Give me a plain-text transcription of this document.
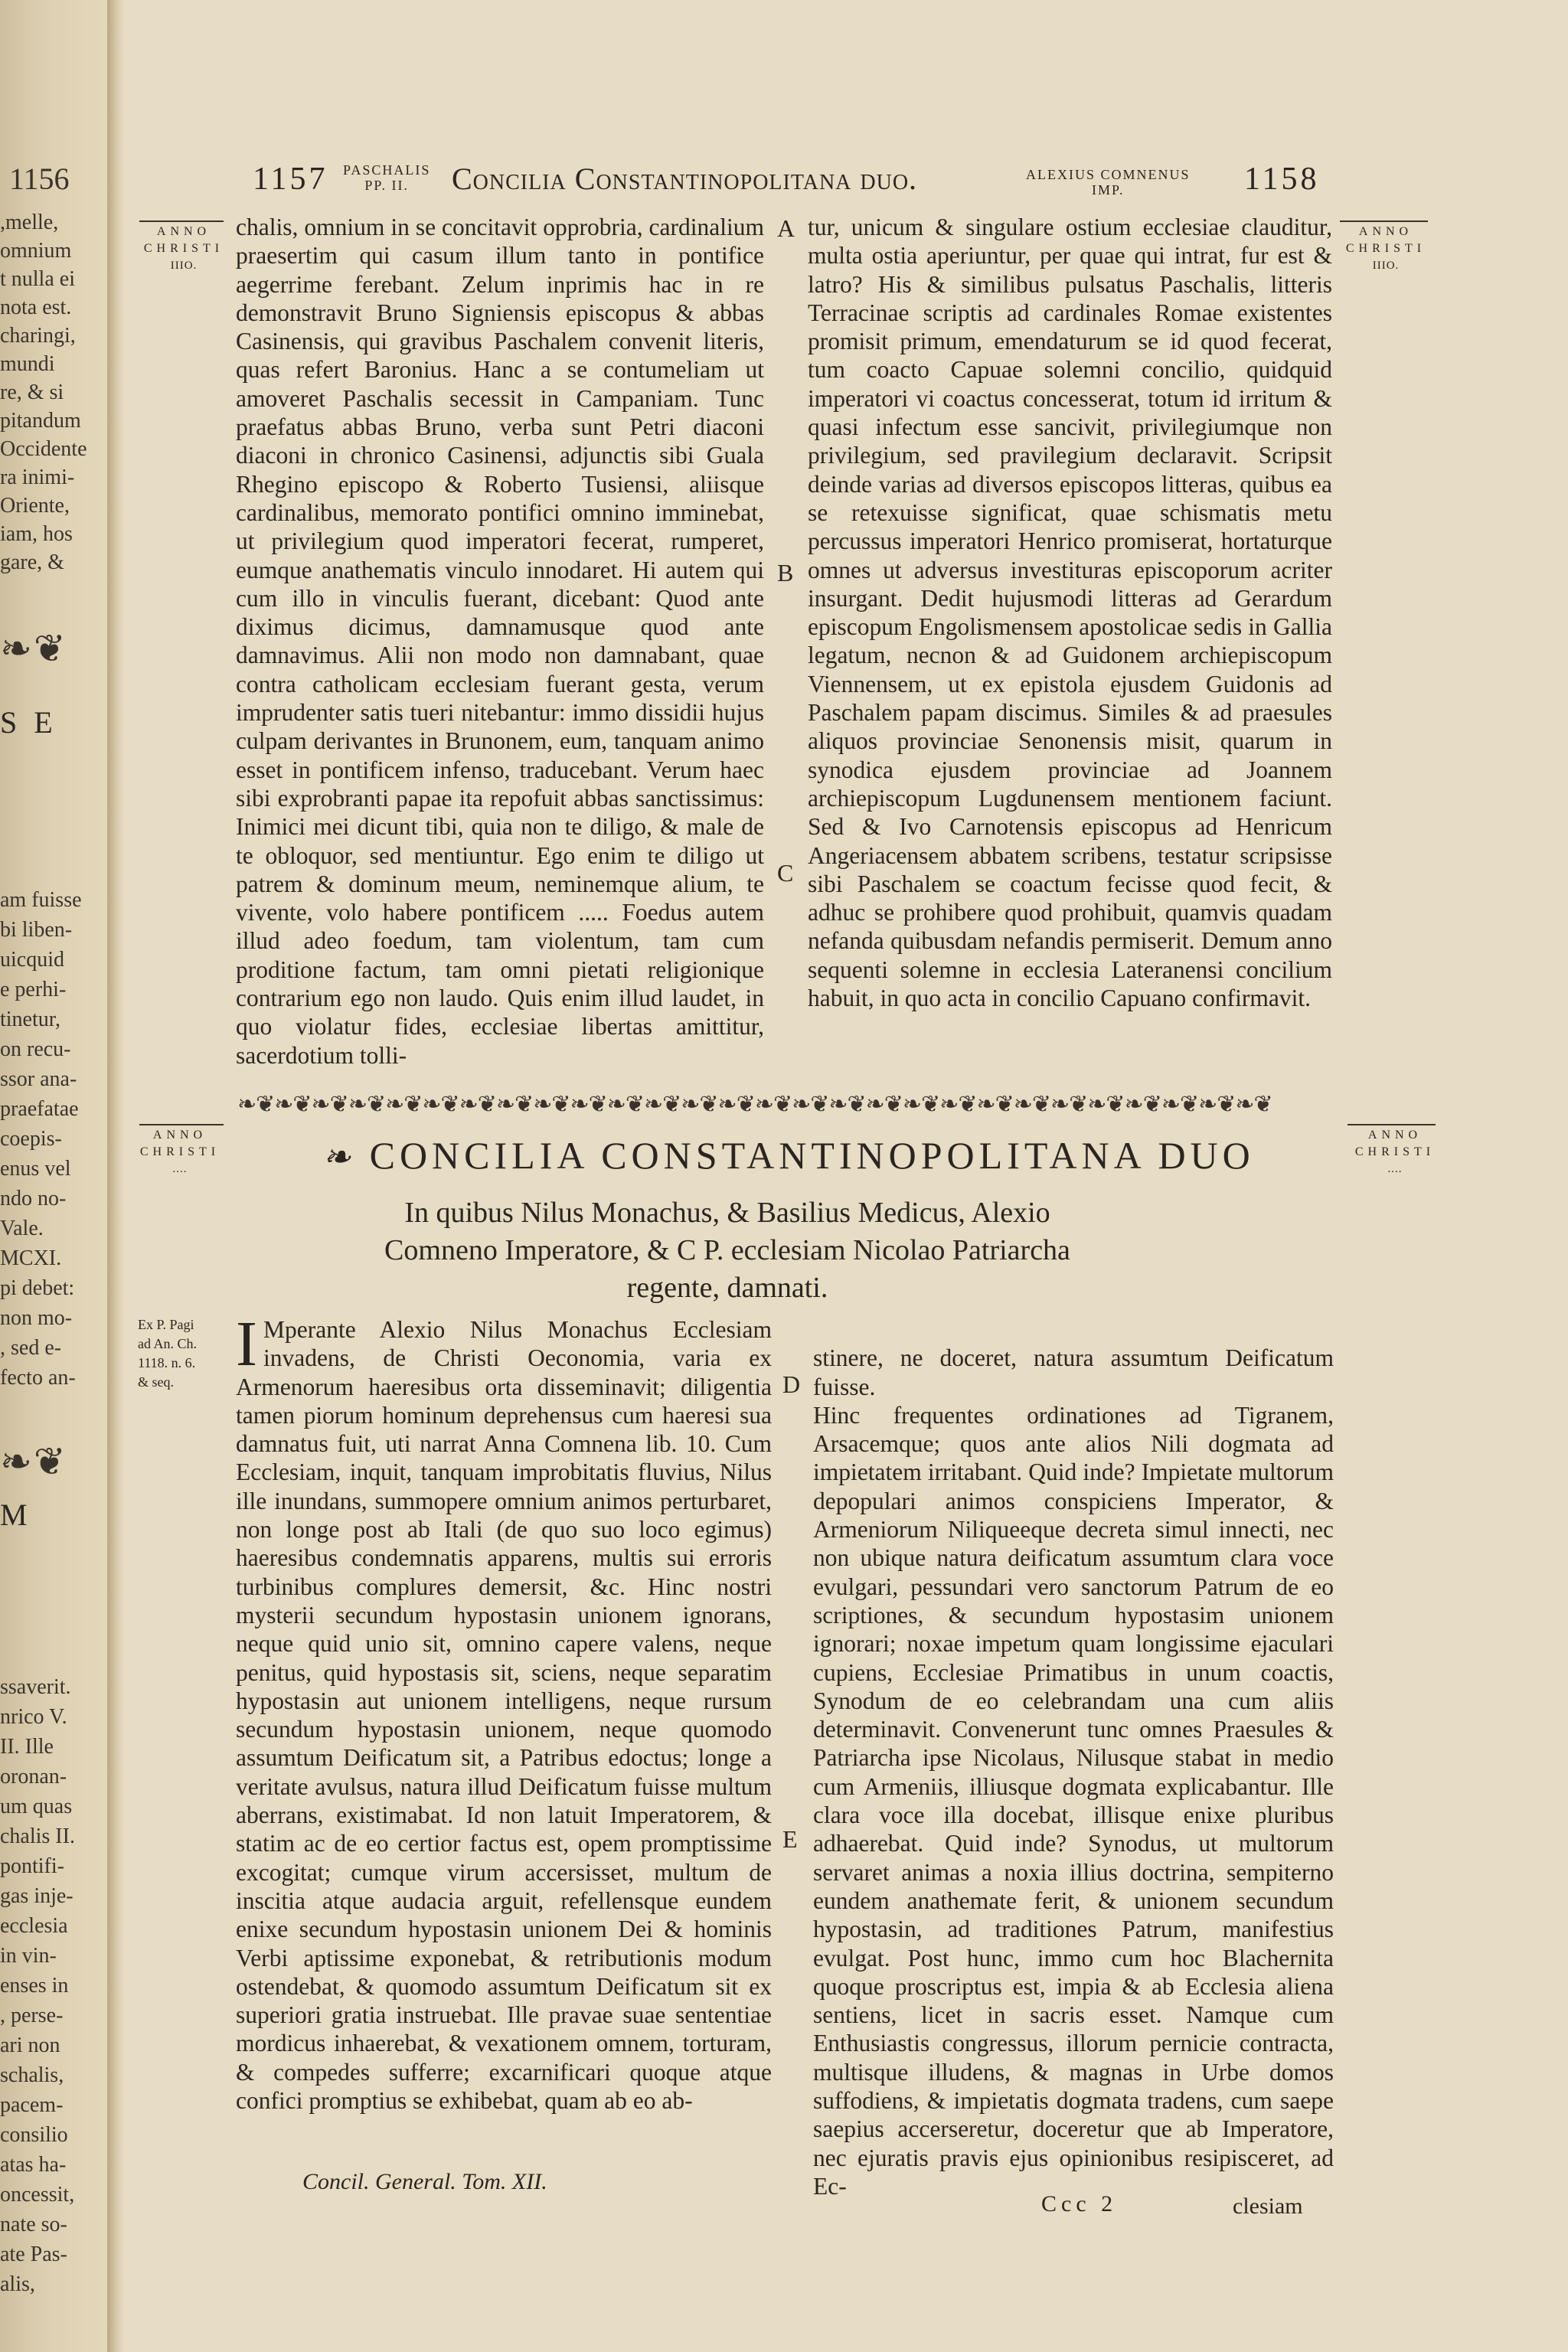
1156
,melle,
omnium
t nulla ei
nota est.
charingi,
mundi
re, & si
pitandum
Occidente
ra inimi-
Oriente,
iam, hos
gare, &
❧❦
S E
am fuisse
bi liben-
uicquid
e perhi-
tinetur,
on recu-
ssor ana-
praefatae
coepis-
enus vel
ndo no-
Vale.
MCXI.
pi debet:
non mo-
, sed e-
fecto an-
❧❦
M
ssaverit.
nrico V.
II. Ille
oronan-
um quas
chalis II.
pontifi-
gas inje-
ecclesia
in vin-
enses in
, perse-
ari non
schalis,
pacem-
consilio
atas ha-
oncessit,
nate so-
ate Pas-
alis,
1157 PASCHALIS
PP. II.	Concilia Constantinopolitana duo.	ALEXIUS COMNENUS
IMP.	1158
ANNO CHRISTI
IIIO.
ANNO CHRISTI
IIIO.

chalis, omnium in se concitavit opprobria, cardinalium praesertim qui casum illum tanto in pontifice aegerrime ferebant. Zelum inprimis hac in re demonstravit Bruno Signiensis episcopus & abbas Casinensis, qui gravibus Paschalem convenit literis, quas refert Baronius. Hanc a se contumeliam ut amoveret Paschalis secessit in Campaniam. Tunc praefatus abbas Bruno, verba sunt Petri diaconi diaconi in chronico Casinensi, adjunctis sibi Guala Rhegino episcopo & Roberto Tusiensi, aliisque cardinalibus, memorato pontifici omnino imminebat, ut privilegium quod imperatori fecerat, rumperet, eumque anathematis vinculo innodaret. Hi autem qui cum illo in vinculis fuerant, dicebant: Quod ante diximus dicimus, damnamusque quod ante damnavimus. Alii non modo non damnabant, quae contra catholicam ecclesiam fuerant gesta, verum imprudenter satis tueri nitebantur: immo dissidii hujus culpam derivantes in Brunonem, eum, tanquam animo esset in pontificem infenso, traducebant. Verum haec sibi exprobranti papae ita repofuit abbas sanctissimus: Inimici mei dicunt tibi, quia non te diligo, & male de te obloquor, sed mentiuntur. Ego enim te diligo ut patrem & dominum meum, neminemque alium, te vivente, volo habere pontificem ..... Foedus autem illud adeo foedum, tam violentum, tam cum proditione factum, tam omni pietati religionique contrarium ego non laudo. Quis enim illud laudet, in quo violatur fides, ecclesiae libertas amittitur, sacerdotium tolli-

tur, unicum & singulare ostium ecclesiae clauditur, multa ostia aperiuntur, per quae qui intrat, fur est & latro? His & similibus pulsatus Paschalis, litteris Terracinae scriptis ad cardinales Romae existentes promisit primum, emendaturum se id quod fecerat, tum coacto Capuae solemni concilio, quidquid imperatori vi coactus concesserat, totum id irritum & quasi infectum esse sancivit, privilegiumque non privilegium, sed pravilegium declaravit. Scripsit deinde varias ad diversos episcopos litteras, quibus ea se retexuisse significat, quae schismatis metu percussus imperatori Henrico promiserat, hortaturque omnes ut adversus investituras episcoporum acriter insurgant. Dedit hujusmodi litteras ad Gerardum episcopum Engolismensem apostolicae sedis in Gallia legatum, necnon & ad Guidonem archiepiscopum Viennensem, ut ex epistola ejusdem Guidonis ad Paschalem papam discimus. Similes & ad praesules aliquos provinciae Senonensis misit, quarum in synodica ejusdem provinciae ad Joannem archiepiscopum Lugdunensem mentionem faciunt. Sed & Ivo Carnotensis episcopus ad Henricum Angeriacensem abbatem scribens, testatur scripsisse sibi Paschalem se coactum fecisse quod fecit, & adhuc se prohibere quod prohibuit, quamvis quadam nefanda quibusdam nefandis permiserit. Demum anno sequenti solemne in ecclesia Lateranensi concilium habuit, in quo acta in concilio Capuano confirmavit.

A
B
C
❧❦❧❦❧❦❧❦❧❦❧❦❧❦❧❦❧❦❧❦❧❦❧❦❧❦❧❦❧❦❧❦❧❦❧❦❧❦❧❦❧❦❧❦❧❦❧❦❧❦❧❦❧❦❧❦
ANNO CHRISTI
....
ANNO CHRISTI
....
❧ CONCILIA CONSTANTINOPOLITANA DUO
In quibus Nilus Monachus, & Basilius Medicus, Alexio Comneno Imperatore, & C P. ecclesiam Nicolao Patriarcha regente, damnati.
Ex P. Pagi
ad An. Ch.
1118. n. 6.
& seq.
I Mperante Alexio Nilus Monachus Ecclesiam invadens, de Christi Oeconomia, varia ex Armenorum haeresibus orta disseminavit; diligentia tamen piorum hominum deprehensus cum haeresi sua damnatus fuit, uti narrat Anna Comnena lib. 10. Cum Ecclesiam, inquit, tanquam improbitatis fluvius, Nilus ille inundans, summopere omnium animos perturbaret, non longe post ab Itali (de quo suo loco egimus) haeresibus condemnatis apparens, multis sui erroris turbinibus complures demersit, &c. Hinc nostri mysterii secundum hypostasin unionem ignorans, neque quid unio sit, omnino capere valens, neque penitus, quid hypostasis sit, sciens, neque separatim hypostasin aut unionem intelligens, neque rursum secundum hypostasin unionem, neque quomodo assumtum Deificatum sit, a Patribus edoctus; longe a veritate avulsus, natura illud Deificatum fuisse multum aberrans, existimabat. Id non latuit Imperatorem, & statim ac de eo certior factus est, opem promptissime excogitat; cumque virum accersisset, multum de inscitia atque audacia arguit, refellensque eundem enixe secundum hypostasin unionem Dei & hominis Verbi aptissime exponebat, & retributionis modum ostendebat, & quomodo assumtum Deificatum sit ex superiori gratia instruebat. Ille pravae suae sententiae mordicus inhaerebat, & vexationem omnem, torturam, & compedes sufferre; excarnificari quoque atque confici promptius se exhibebat, quam ab eo ab-

stinere, ne doceret, natura assumtum Deificatum fuisse.
Hinc frequentes ordinationes ad Tigranem, Arsacemque; quos ante alios Nili dogmata ad impietatem irritabant. Quid inde? Impietate multorum depopulari animos conspiciens Imperator, & Armeniorum Niliqueeque decreta simul innecti, nec non ubique natura deificatum assumtum clara voce evulgari, pessundari vero sanctorum Patrum de eo scriptiones, & secundum hypostasim unionem ignorari; noxae impetum quam longissime ejaculari cupiens, Ecclesiae Primatibus in unum coactis, Synodum de eo celebrandam una cum aliis determinavit. Convenerunt tunc omnes Praesules & Patriarcha ipse Nicolaus, Nilusque stabat in medio cum Armeniis, illiusque dogmata explicabantur. Ille clara voce illa docebat, illisque enixe pluribus adhaerebat. Quid inde? Synodus, ut multorum servaret animas a noxia illius doctrina, sempiterno eundem anathemate ferit, & unionem secundum hypostasin, ad traditiones Patrum, manifestius evulgat. Post hunc, immo cum hoc Blachernita quoque proscriptus est, impia & ab Ecclesia aliena sentiens, licet in sacris esset. Namque cum Enthusiastis congressus, illorum pernicie contracta, multisque illudens, & magnas in Urbe domos suffodiens, & impietatis dogmata tradens, cum saepe saepius accerseretur, doceretur que ab Imperatore, nec ejuratis pravis ejus opinionibus resipisceret, ad Ec-

D
E
Concil. General. Tom. XII.
Ccc 2	clesiam
